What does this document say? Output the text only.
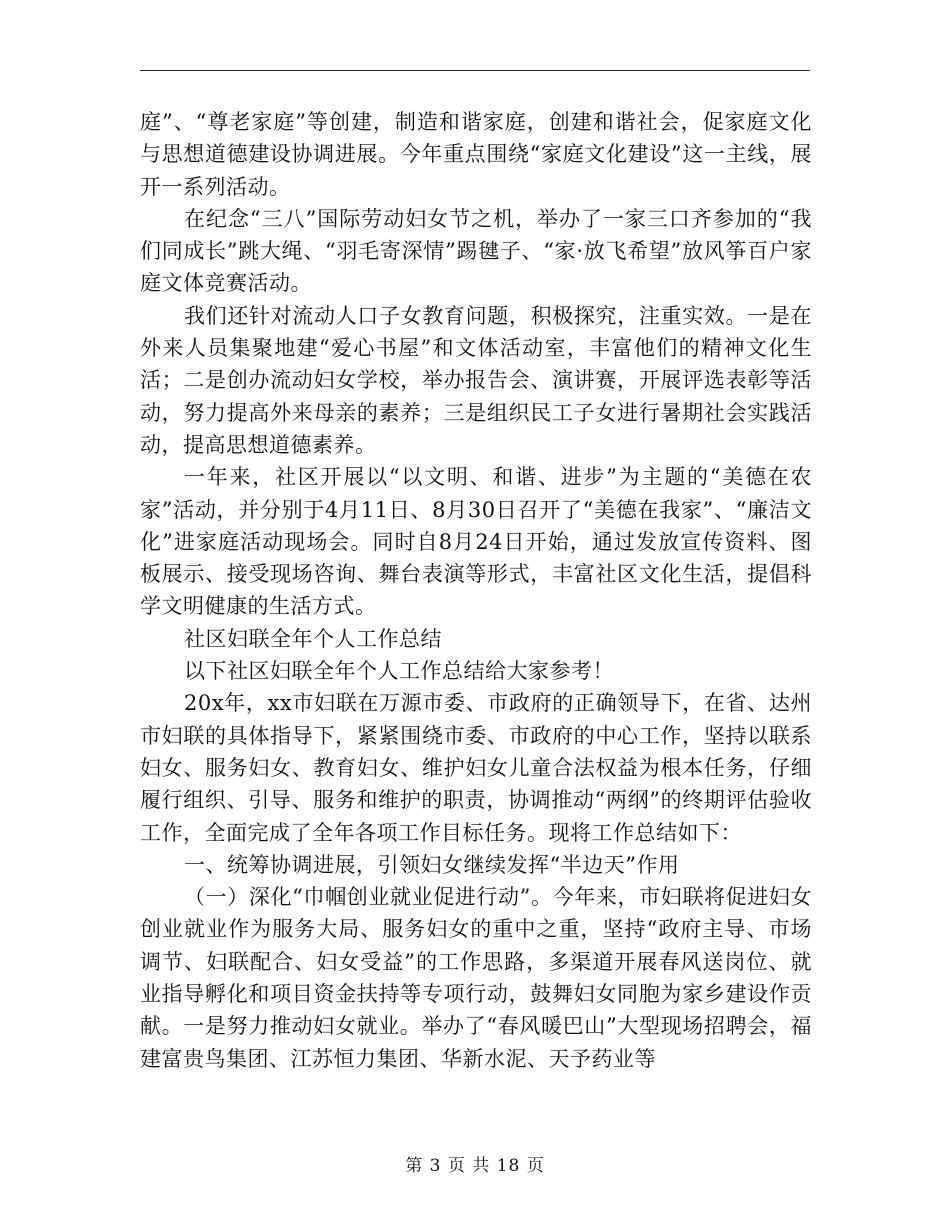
庭”、“尊老家庭”等创建，制造和谐家庭，创建和谐社会，促家庭文化与思想道德建设协调进展。今年重点围绕“家庭文化建设”这一主线，展开一系列活动。

在纪念“三八”国际劳动妇女节之机，举办了一家三口齐参加的“我们同成长”跳大绳、“羽毛寄深情”踢毽子、“家·放飞希望”放风筝百户家庭文体竞赛活动。

我们还针对流动人口子女教育问题，积极探究，注重实效。一是在外来人员集聚地建“爱心书屋”和文体活动室，丰富他们的精神文化生活；二是创办流动妇女学校，举办报告会、演讲赛，开展评选表彰等活动，努力提高外来母亲的素养；三是组织民工子女进行暑期社会实践活动，提高思想道德素养。

一年来，社区开展以“以文明、和谐、进步”为主题的“美德在农家”活动，并分别于4月11日、8月30日召开了“美德在我家”、“廉洁文化”进家庭活动现场会。同时自8月24日开始，通过发放宣传资料、图板展示、接受现场咨询、舞台表演等形式，丰富社区文化生活，提倡科学文明健康的生活方式。

社区妇联全年个人工作总结

以下社区妇联全年个人工作总结给大家参考！

20x年，xx市妇联在万源市委、市政府的正确领导下，在省、达州市妇联的具体指导下，紧紧围绕市委、市政府的中心工作，坚持以联系妇女、服务妇女、教育妇女、维护妇女儿童合法权益为根本任务，仔细履行组织、引导、服务和维护的职责，协调推动“两纲”的终期评估验收工作，全面完成了全年各项工作目标任务。现将工作总结如下：

一、统筹协调进展，引领妇女继续发挥“半边天”作用

（一）深化“巾帼创业就业促进行动”。今年来，市妇联将促进妇女创业就业作为服务大局、服务妇女的重中之重，坚持“政府主导、市场调节、妇联配合、妇女受益”的工作思路，多渠道开展春风送岗位、就业指导孵化和项目资金扶持等专项行动，鼓舞妇女同胞为家乡建设作贡献。一是努力推动妇女就业。举办了“春风暖巴山”大型现场招聘会，福建富贵鸟集团、江苏恒力集团、华新水泥、天予药业等

第 3 页 共 18 页
